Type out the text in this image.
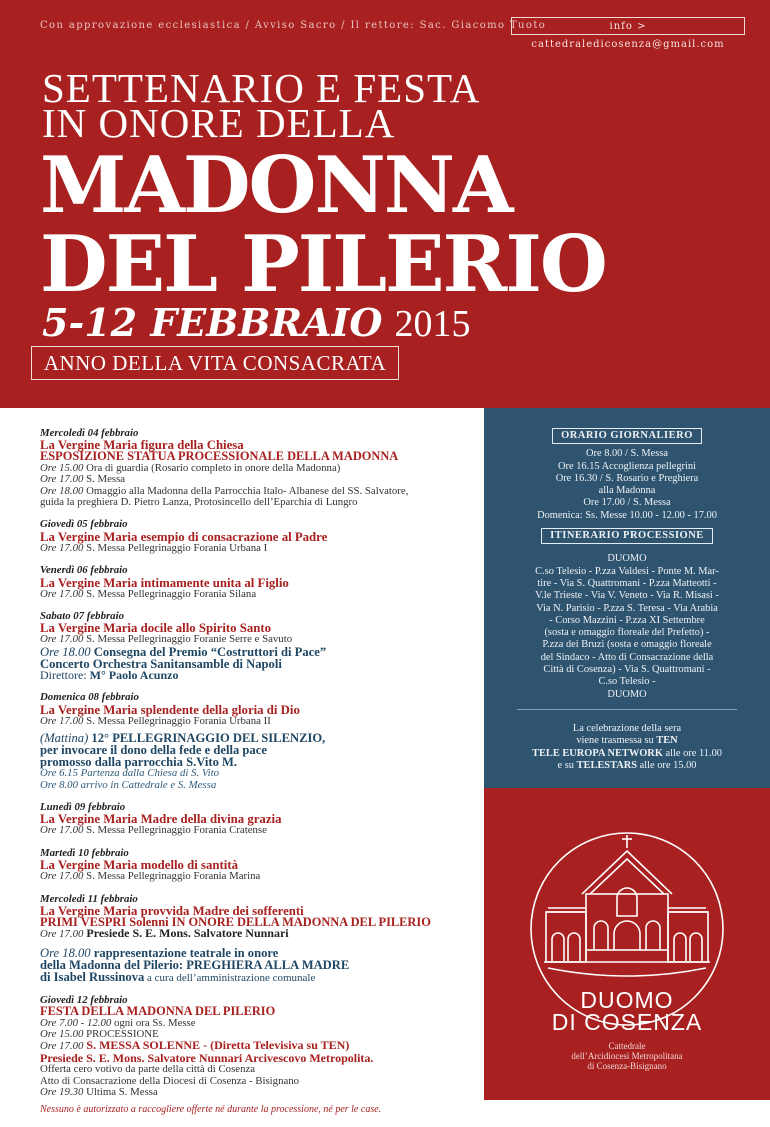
Con approvazione ecclesiastica / Avviso Sacro / Il rettore: Sac. Giacomo Tuoto	info > cattedraledicosenza@gmail.com
SETTENARIO E FESTA
IN ONORE DELLA
MADONNA
DEL PILERIO
5-12 FEBBRAIO 2015
ANNO DELLA VITA CONSACRATA
Mercoledì 04 febbraio
La Vergine Maria figura della Chiesa
ESPOSIZIONE STATUA PROCESSIONALE DELLA MADONNA
Ore 15.00 Ora di guardia (Rosario completo in onore della Madonna)
Ore 17.00 S. Messa
Ore 18.00 Omaggio alla Madonna della Parrocchia Italo- Albanese del SS. Salvatore,
guida la preghiera D. Pietro Lanza, Protosincello dell’Eparchia di Lungro
Giovedì 05 febbraio
La Vergine Maria esempio di consacrazione al Padre
Ore 17.00 S. Messa Pellegrinaggio Forania Urbana I
Venerdì 06 febbraio
La Vergine Maria intimamente unita al Figlio
Ore 17.00 S. Messa Pellegrinaggio Forania Silana
Sabato 07 febbraio
La Vergine Maria docile allo Spirito Santo
Ore 17.00 S. Messa Pellegrinaggio Foranie Serre e Savuto
Ore 18.00 Consegna del Premio “Costruttori di Pace”
Concerto Orchestra Sanitansamble di Napoli
Direttore: M° Paolo Acunzo
Domenica 08 febbraio
La Vergine Maria splendente della gloria di Dio
Ore 17.00 S. Messa Pellegrinaggio Forania Urbana II
(Mattina) 12° PELLEGRINAGGIO DEL SILENZIO,
per invocare il dono della fede e della pace
promosso dalla parrocchia S.Vito M.
Ore 6.15 Partenza dalla Chiesa di S. Vito
Ore 8.00 arrivo in Cattedrale e S. Messa
Lunedì 09 febbraio
La Vergine Maria Madre della divina grazia
Ore 17.00 S. Messa Pellegrinaggio Forania Cratense
Martedì 10 febbraio
La Vergine Maria modello di santità
Ore 17.00 S. Messa Pellegrinaggio Forania Marina
Mercoledì 11 febbraio
La Vergine Maria provvida Madre dei sofferenti
PRIMI VESPRI Solenni IN ONORE DELLA MADONNA DEL PILERIO
Ore 17.00 Presiede S. E. Mons. Salvatore Nunnari
Ore 18.00 rappresentazione teatrale in onore
della Madonna del Pilerio: PREGHIERA ALLA MADRE
di Isabel Russinova a cura dell’amministrazione comunale
Giovedì 12 febbraio
FESTA DELLA MADONNA DEL PILERIO
Ore 7.00 - 12.00 ogni ora Ss. Messe
Ore 15.00 PROCESSIONE
Ore 17.00 S. MESSA SOLENNE - (Diretta Televisiva su TEN)
Presiede S. E. Mons. Salvatore Nunnari Arcivescovo Metropolita.
Offerta cero votivo da parte della città di Cosenza
Atto di Consacrazione della Diocesi di Cosenza - Bisignano
Ore 19.30 Ultima S. Messa
Nessuno è autorizzato a raccogliere offerte né durante la processione, né per le case.
ORARIO GIORNALIERO
Ore 8.00 / S. Messa
Ore 16.15 Accoglienza pellegrini
Ore 16.30 / S. Rosario e Preghiera
alla Madonna
Ore 17.00 / S. Messa
Domenica: Ss. Messe 10.00 - 12.00 - 17.00
ITINERARIO PROCESSIONE
DUOMO
C.so Telesio - P.zza Valdesi - Ponte M. Mar-
tire - Via S. Quattromani - P.zza Matteotti -
V.le Trieste - Via V. Veneto - Via R. Misasi -
Via N. Parisio - P.zza S. Teresa - Via Arabia
- Corso Mazzini - P.zza XI Settembre
(sosta e omaggio floreale del Prefetto) -
P.zza dei Bruzi (sosta e omaggio floreale
del Sindaco - Atto di Consacrazione della
Città di Cosenza) - Via S. Quattromani -
C.so Telesio -
DUOMO
La celebrazione della sera
viene trasmessa su TEN
TELE EUROPA NETWORK alle ore 11.00
e su TELESTARS alle ore 15.00
DUOMO
DI COSENZA
Cattedrale
dell’Arcidiocesi Metropolitana
di Cosenza-Bisignano
